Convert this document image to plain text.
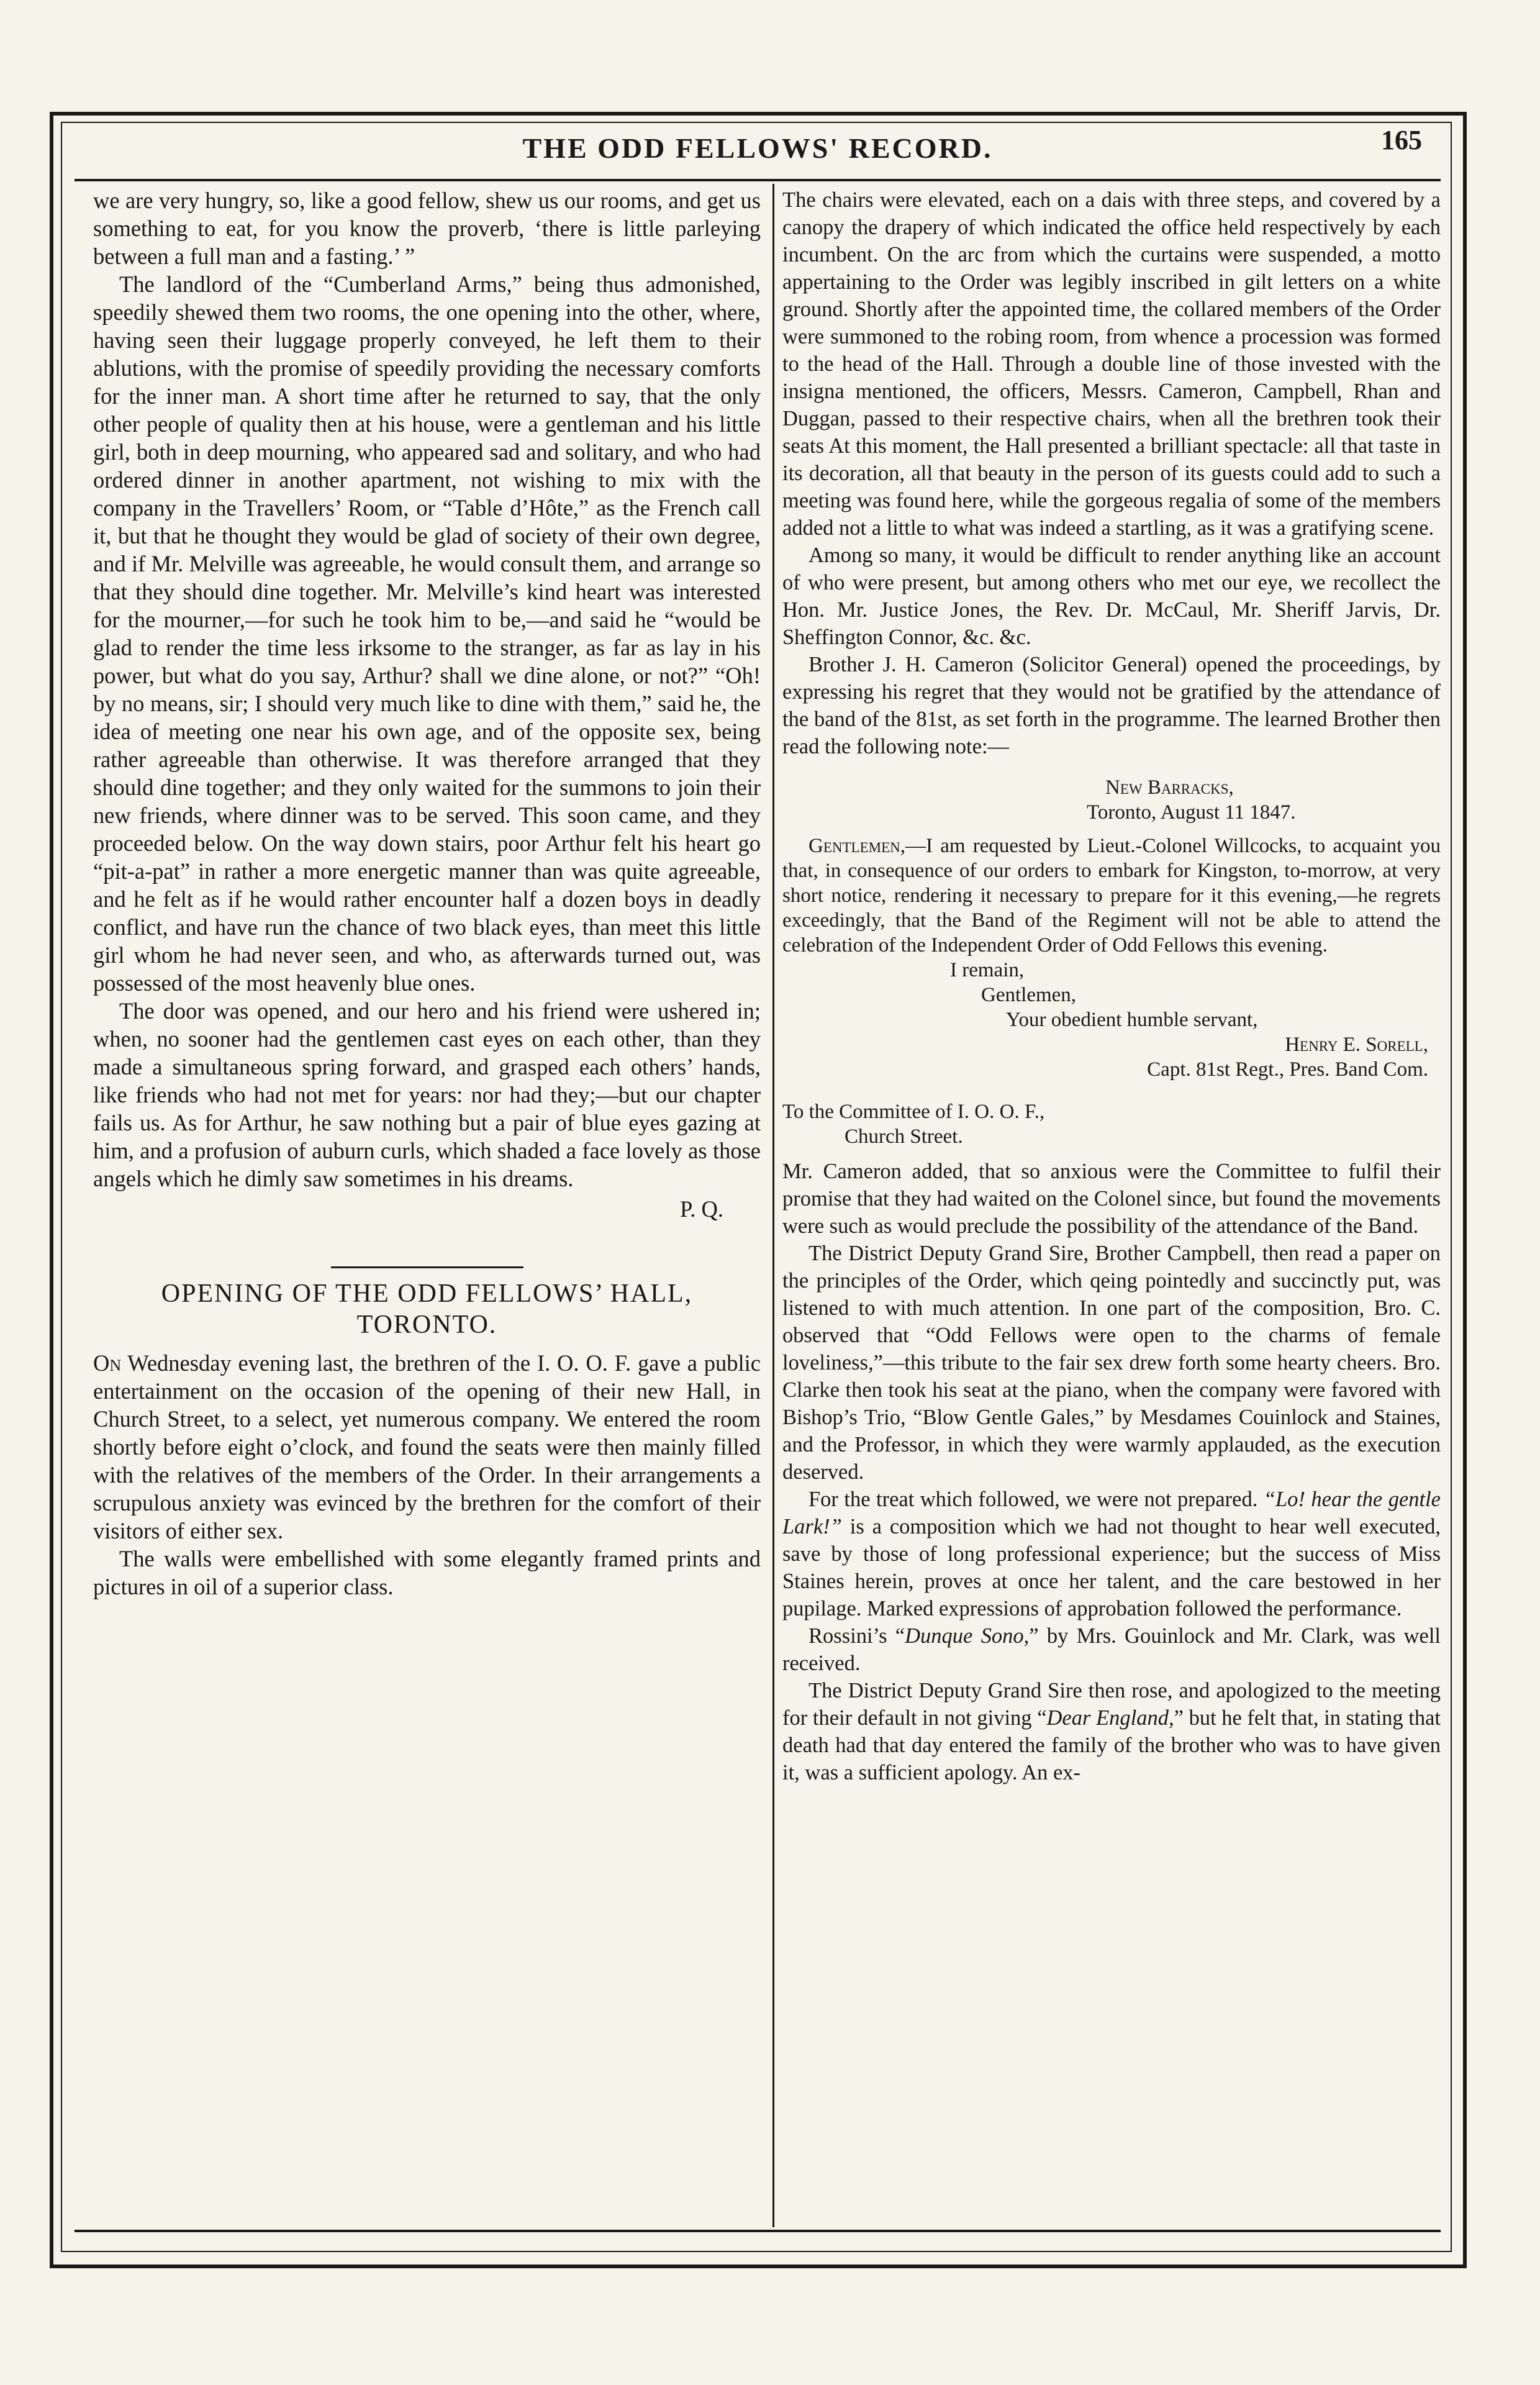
THE ODD FELLOWS' RECORD.	165

we are very hungry, so, like a good fellow, shew us our rooms, and get us something to eat, for you know the proverb, ‘there is little parleying between a full man and a fasting.’ ”

The landlord of the “Cumberland Arms,” being thus admonished, speedily shewed them two rooms, the one opening into the other, where, having seen their luggage properly conveyed, he left them to their ablutions, with the promise of speedily providing the necessary comforts for the inner man. A short time after he returned to say, that the only other people of quality then at his house, were a gentleman and his little girl, both in deep mourning, who appeared sad and solitary, and who had ordered dinner in another apartment, not wishing to mix with the company in the Travellers’ Room, or “Table d’Hôte,” as the French call it, but that he thought they would be glad of society of their own degree, and if Mr. Melville was agreeable, he would consult them, and arrange so that they should dine together. Mr. Melville’s kind heart was interested for the mourner,—for such he took him to be,—and said he “would be glad to render the time less irksome to the stranger, as far as lay in his power, but what do you say, Arthur? shall we dine alone, or not?” “Oh! by no means, sir; I should very much like to dine with them,” said he, the idea of meeting one near his own age, and of the opposite sex, being rather agreeable than otherwise. It was therefore arranged that they should dine together; and they only waited for the summons to join their new friends, where dinner was to be served. This soon came, and they proceeded below. On the way down stairs, poor Arthur felt his heart go “pit-a-pat” in rather a more energetic manner than was quite agreeable, and he felt as if he would rather encounter half a dozen boys in deadly conflict, and have run the chance of two black eyes, than meet this little girl whom he had never seen, and who, as afterwards turned out, was possessed of the most heavenly blue ones.

The door was opened, and our hero and his friend were ushered in; when, no sooner had the gentlemen cast eyes on each other, than they made a simultaneous spring forward, and grasped each others’ hands, like friends who had not met for years: nor had they;—but our chapter fails us. As for Arthur, he saw nothing but a pair of blue eyes gazing at him, and a profusion of auburn curls, which shaded a face lovely as those angels which he dimly saw sometimes in his dreams.

P. Q.
OPENING OF THE ODD FELLOWS’ HALL,
TORONTO.

On Wednesday evening last, the brethren of the I. O. O. F. gave a public entertainment on the occasion of the opening of their new Hall, in Church Street, to a select, yet numerous company. We entered the room shortly before eight o’clock, and found the seats were then mainly filled with the relatives of the members of the Order. In their arrangements a scrupulous anxiety was evinced by the brethren for the comfort of their visitors of either sex.

The walls were embellished with some elegantly framed prints and pictures in oil of a superior class.

The chairs were elevated, each on a dais with three steps, and covered by a canopy the drapery of which indicated the office held respectively by each incumbent. On the arc from which the curtains were suspended, a motto appertaining to the Order was legibly inscribed in gilt letters on a white ground. Shortly after the appointed time, the collared members of the Order were summoned to the robing room, from whence a procession was formed to the head of the Hall. Through a double line of those invested with the insigna mentioned, the officers, Messrs. Cameron, Campbell, Rhan and Duggan, passed to their respective chairs, when all the brethren took their seats At this moment, the Hall presented a brilliant spectacle: all that taste in its decoration, all that beauty in the person of its guests could add to such a meeting was found here, while the gorgeous regalia of some of the members added not a little to what was indeed a startling, as it was a gratifying scene.

Among so many, it would be difficult to render anything like an account of who were present, but among others who met our eye, we recollect the Hon. Mr. Justice Jones, the Rev. Dr. McCaul, Mr. Sheriff Jarvis, Dr. Sheffington Connor, &c. &c.

Brother J. H. Cameron (Solicitor General) opened the proceedings, by expressing his regret that they would not be gratified by the attendance of the band of the 81st, as set forth in the programme. The learned Brother then read the following note:—

New Barracks,
Toronto, August 11 1847.

Gentlemen,—I am requested by Lieut.-Colonel Willcocks, to acquaint you that, in consequence of our orders to embark for Kingston, to-morrow, at very short notice, rendering it necessary to prepare for it this evening,—he regrets exceedingly, that the Band of the Regiment will not be able to attend the celebration of the Independent Order of Odd Fellows this evening.

I remain,
Gentlemen,
Your obedient humble servant,
Henry E. Sorell,
Capt. 81st Regt., Pres. Band Com.
To the Committee of I. O. O. F.,
Church Street.

Mr. Cameron added, that so anxious were the Committee to fulfil their promise that they had waited on the Colonel since, but found the movements were such as would preclude the possibility of the attendance of the Band.

The District Deputy Grand Sire, Brother Campbell, then read a paper on the principles of the Order, which qeing pointedly and succinctly put, was listened to with much attention. In one part of the composition, Bro. C. observed that “Odd Fellows were open to the charms of female loveliness,”—this tribute to the fair sex drew forth some hearty cheers. Bro. Clarke then took his seat at the piano, when the company were favored with Bishop’s Trio, “Blow Gentle Gales,” by Mesdames Couinlock and Staines, and the Professor, in which they were warmly applauded, as the execution deserved.

For the treat which followed, we were not prepared. “Lo! hear the gentle Lark!” is a composition which we had not thought to hear well executed, save by those of long professional experience; but the success of Miss Staines herein, proves at once her talent, and the care bestowed in her pupilage. Marked expressions of approbation followed the performance.

Rossini’s “Dunque Sono,” by Mrs. Gouinlock and Mr. Clark, was well received.

The District Deputy Grand Sire then rose, and apologized to the meeting for their default in not giving “Dear England,” but he felt that, in stating that death had that day entered the family of the brother who was to have given it, was a sufficient apology. An ex-
